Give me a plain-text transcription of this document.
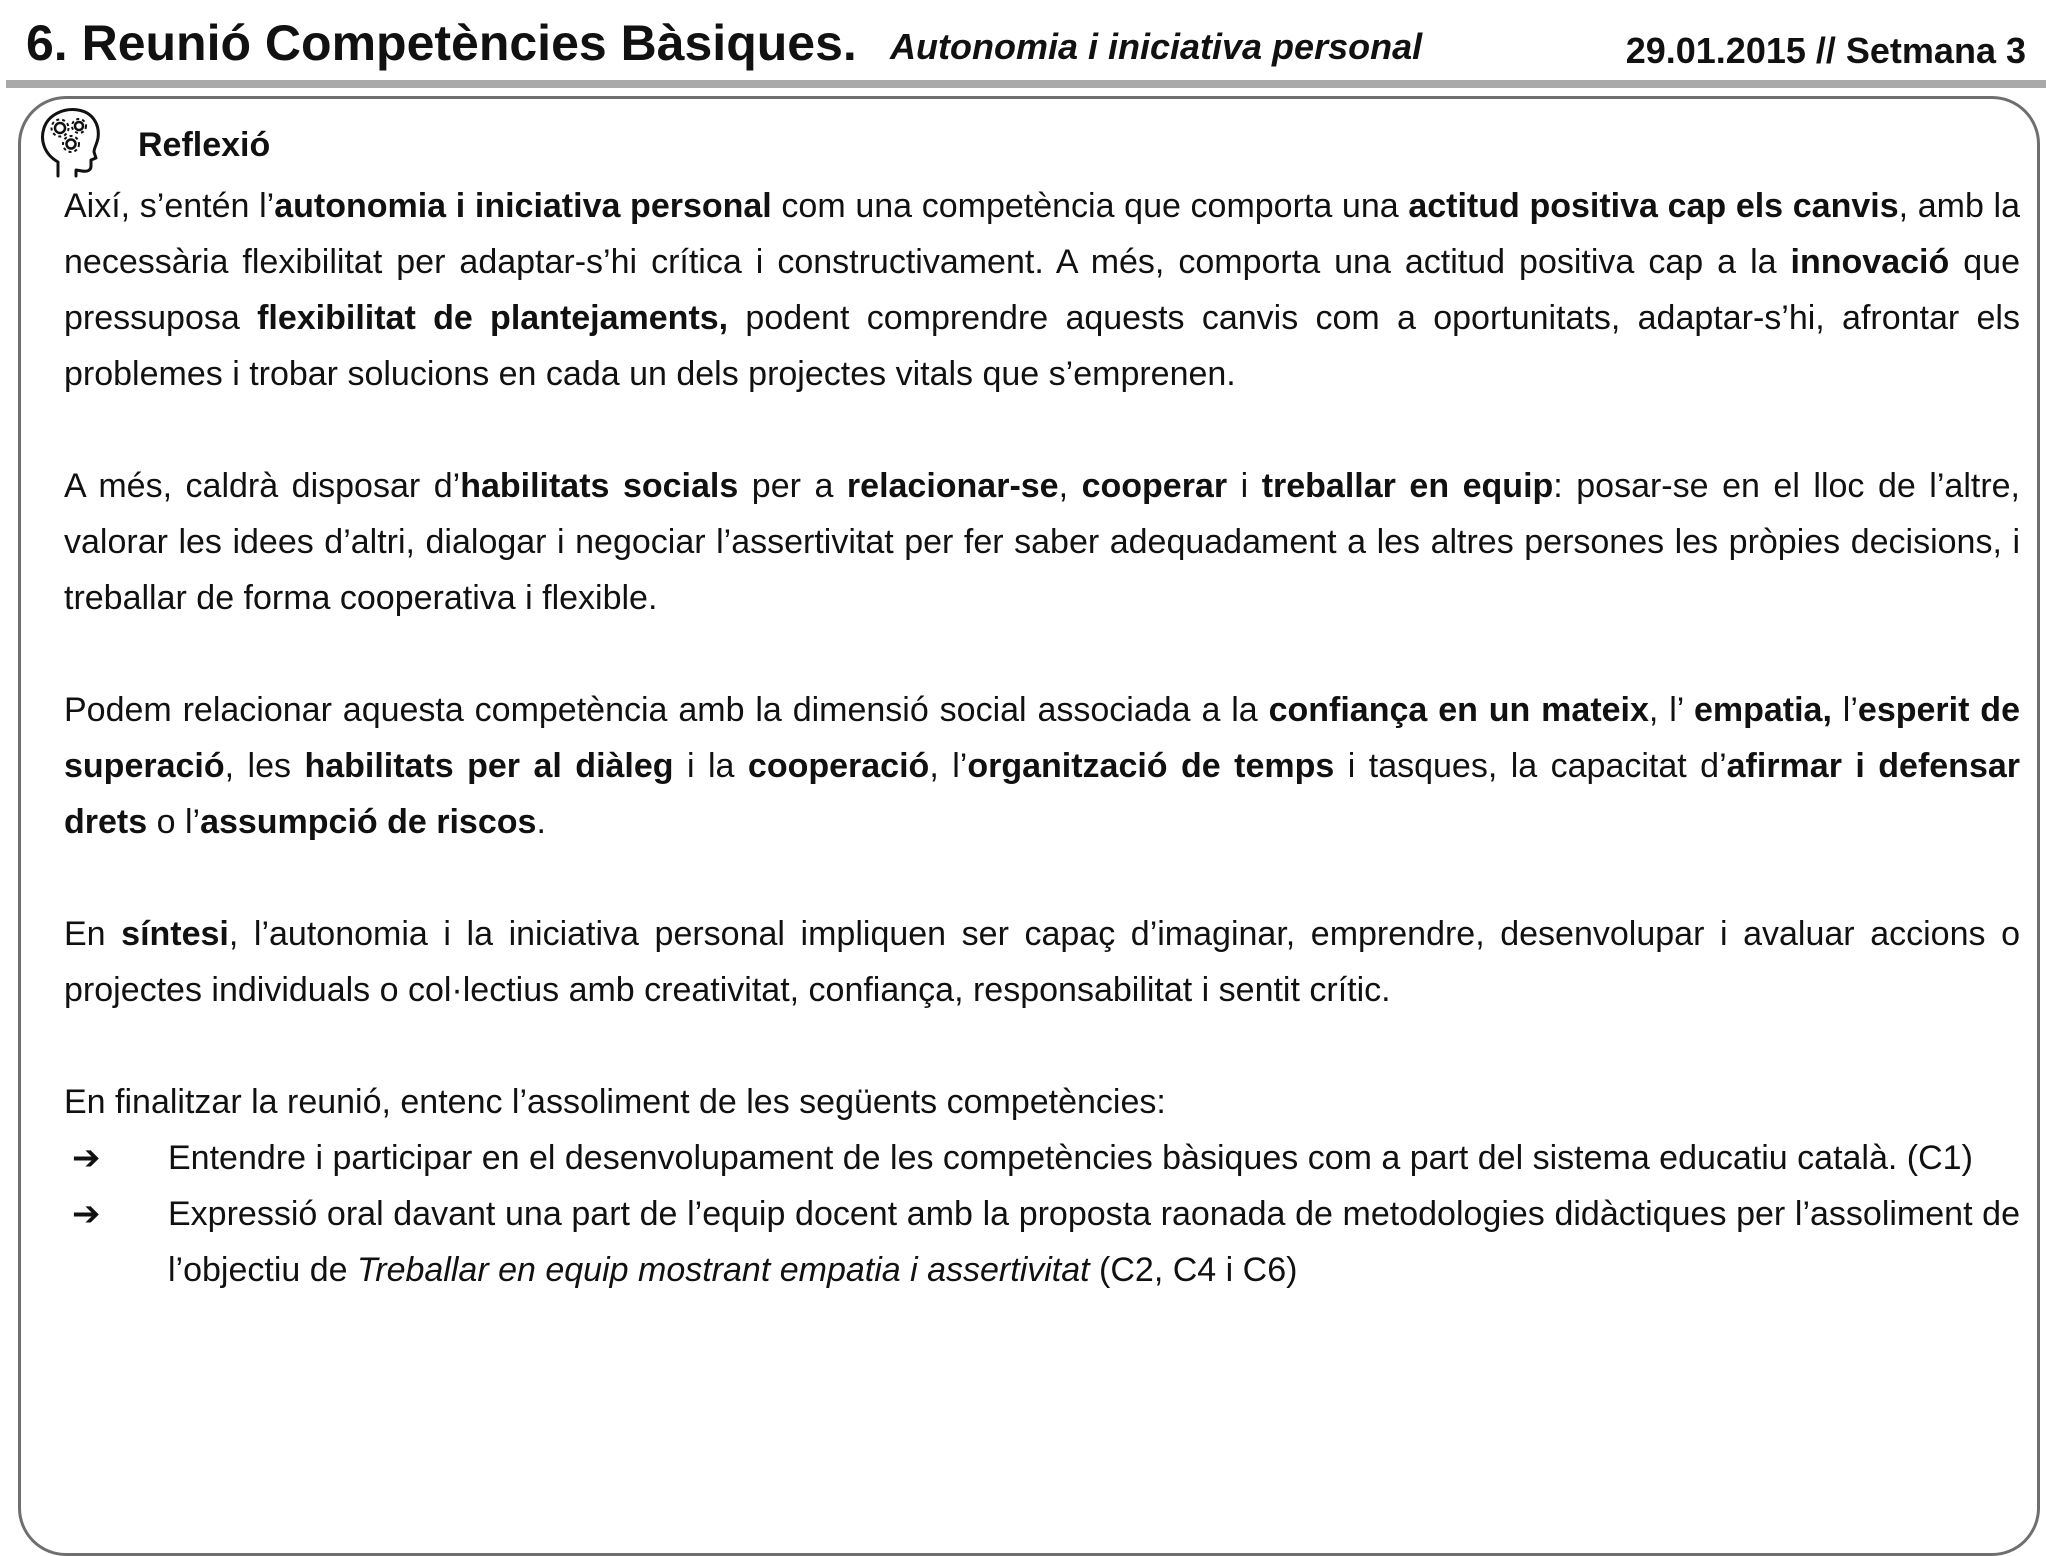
6. Reunió Competències Bàsiques. Autonomia i iniciativa personal	29.01.2015 // Setmana 3
Reflexió

Així, s’entén l’autonomia i iniciativa personal com una competència que comporta una actitud positiva cap els canvis, amb la necessària flexibilitat per adaptar-s’hi crítica i constructivament. A més, comporta una actitud positiva cap a la innovació que pressuposa flexibilitat de plantejaments, podent comprendre aquests canvis com a oportunitats, adaptar-s’hi, afrontar els problemes i trobar solucions en cada un dels projectes vitals que s’emprenen.

A més, caldrà disposar d’habilitats socials per a relacionar-se, cooperar i treballar en equip: posar-se en el lloc de l’altre, valorar les idees d’altri, dialogar i negociar l’assertivitat per fer saber adequadament a les altres persones les pròpies decisions, i treballar de forma cooperativa i flexible.

Podem relacionar aquesta competència amb la dimensió social associada a la confiança en un mateix, l’ empatia, l’esperit de superació, les habilitats per al diàleg i la cooperació, l’organització de temps i tasques, la capacitat d’afirmar i defensar drets o l’assumpció de riscos.

En síntesi, l’autonomia i la iniciativa personal impliquen ser capaç d’imaginar, emprendre, desenvolupar i avaluar accions o projectes individuals o col·lectius amb creativitat, confiança, responsabilitat i sentit crític.

En finalitzar la reunió, entenc l’assoliment de les següents competències:

➔	Entendre i participar en el desenvolupament de les competències bàsiques com a part del sistema educatiu català. (C1)
➔	Expressió oral davant una part de l’equip docent amb la proposta raonada de metodologies didàctiques per l’assoliment de l’objectiu de Treballar en equip mostrant empatia i assertivitat (C2, C4 i C6)
